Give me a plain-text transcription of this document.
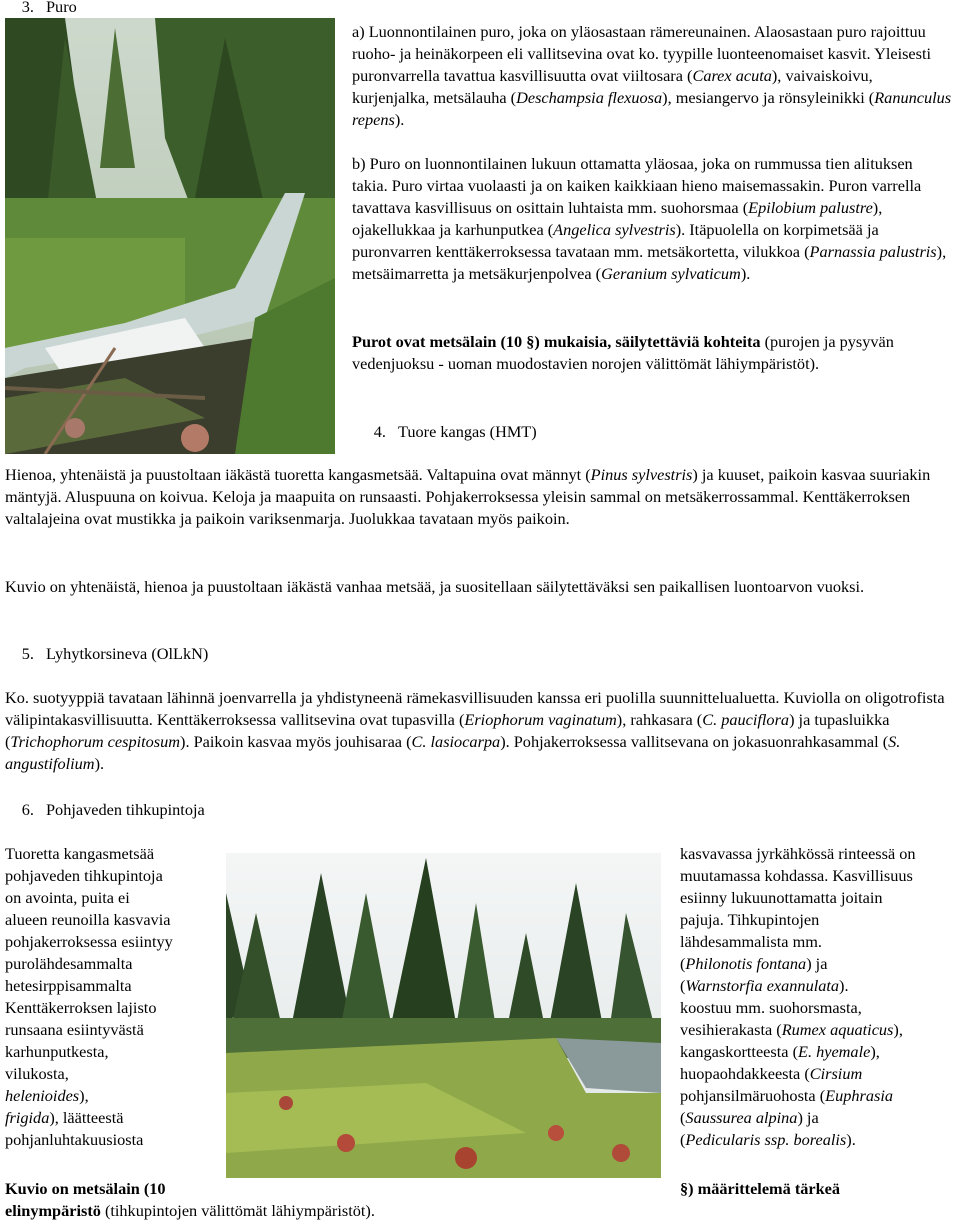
3. Puro

a) Luonnontilainen puro, joka on yläosastaan rämereunainen. Alaosastaan puro rajoittuu ruoho- ja heinäkorpeen eli vallitsevina ovat ko. tyypille luonteenomaiset kasvit. Yleisesti puronvarrella tavattua kasvillisuutta ovat viiltosara (Carex acuta), vaivaiskoivu, kurjenjalka, metsälauha (Deschampsia flexuosa), mesiangervo ja rönsyleinikki (Ranunculus repens).

b) Puro on luonnontilainen lukuun ottamatta yläosaa, joka on rummussa tien alituksen takia. Puro virtaa vuolaasti ja on kaiken kaikkiaan hieno maisemassakin. Puron varrella tavattava kasvillisuus on osittain luhtaista mm. suohorsmaa (Epilobium palustre), ojakellukkaa ja karhunputkea (Angelica sylvestris). Itäpuolella on korpimetsää ja puronvarren kenttäkerroksessa tavataan mm. metsäkortetta, vilukkoa (Parnassia palustris), metsäimarretta ja metsäkurjenpolvea (Geranium sylvaticum).

Purot ovat metsälain (10 §) mukaisia, säilytettäviä kohteita (purojen ja pysyvän vedenjuoksu - uoman muodostavien norojen välittömät lähiympäristöt).

4. Tuore kangas (HMT)

Hienoa, yhtenäistä ja puustoltaan iäkästä tuoretta kangasmetsää. Valtapuina ovat männyt (Pinus sylvestris) ja kuuset, paikoin kasvaa suuriakin mäntyjä. Aluspuuna on koivua. Keloja ja maapuita on runsaasti. Pohjakerroksessa yleisin sammal on metsäkerrossammal. Kenttäkerroksen valtalajeina ovat mustikka ja paikoin variksenmarja. Juolukkaa tavataan myös paikoin.

Kuvio on yhtenäistä, hienoa ja puustoltaan iäkästä vanhaa metsää, ja suositellaan säilytettäväksi sen paikallisen luontoarvon vuoksi.

5. Lyhytkorsineva (OlLkN)

Ko. suotyyppiä tavataan lähinnä joenvarrella ja yhdistyneenä rämekasvillisuuden kanssa eri puolilla suunnittelualuetta. Kuviolla on oligotrofista välipintakasvillisuutta. Kenttäkerroksessa vallitsevina ovat tupasvilla (Eriophorum vaginatum), rahkasara (C. pauciflora) ja tupasluikka (Trichophorum cespitosum). Paikoin kasvaa myös jouhisaraa (C. lasiocarpa). Pohjakerroksessa vallitsevana on jokasuonrahkasammal (S. angustifolium).

6. Pohjaveden tihkupintoja

Tuoretta kangasmetsää

pohjaveden tihkupintoja

on avointa, puita ei

alueen reunoilla kasvavia

pohjakerroksessa esiintyy

purolähdesammalta

hetesirppisammalta

Kenttäkerroksen lajisto

runsaana esiintyvästä

karhunputkesta,

vilukosta,

helenioides),

frigida), läätteestä

pohjanluhtakuusiosta

kasvavassa jyrkähkössä rinteessä on

muutamassa kohdassa. Kasvillisuus

esiinny lukuunottamatta joitain

pajuja. Tihkupintojen

lähdesammalista mm.

(Philonotis fontana) ja

(Warnstorfia exannulata).

koostuu mm. suohorsmasta,

vesihierakasta (Rumex aquaticus),

kangaskortteesta (E. hyemale),

huopaohdakkeesta (Cirsium

pohjansilmäruohosta (Euphrasia

(Saussurea alpina) ja

(Pedicularis ssp. borealis).

Kuvio on metsälain (10	§) määrittelemä tärkeä
elinympäristö (tihkupintojen välittömät lähiympäristöt).
